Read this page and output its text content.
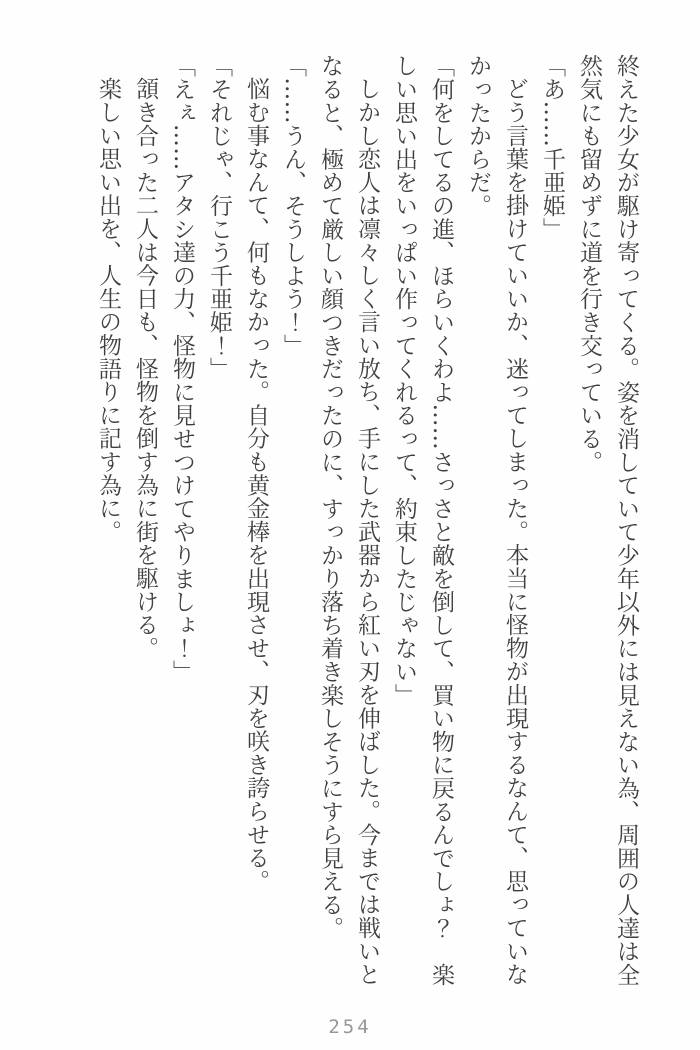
終えた少女が駆け寄ってくる。姿を消していて少年以外には見えない為、周囲の人達は全然気にも留めずに道を行き交っている。

「あ……千亜姫」

どう言葉を掛けていいか、迷ってしまった。本当に怪物が出現するなんて、思っていなかったからだ。

「何をしてるの進、ほらいくわよ……さっさと敵を倒して、買い物に戻るんでしょ？　楽しい思い出をいっぱい作ってくれるって、約束したじゃない」

しかし恋人は凛々しく言い放ち、手にした武器から紅い刃を伸ばした。今までは戦いとなると、極めて厳しい顔つきだったのに、すっかり落ち着き楽しそうにすら見える。

「……うん、そうしよう！」

悩む事なんて、何もなかった。自分も黄金棒を出現させ、刃を咲き誇らせる。

「それじゃ、行こう千亜姫！」

「えぇ……アタシ達の力、怪物に見せつけてやりましょ！」

頷き合った二人は今日も、怪物を倒す為に街を駆ける。

楽しい思い出を、人生の物語りに記す為に。

254
